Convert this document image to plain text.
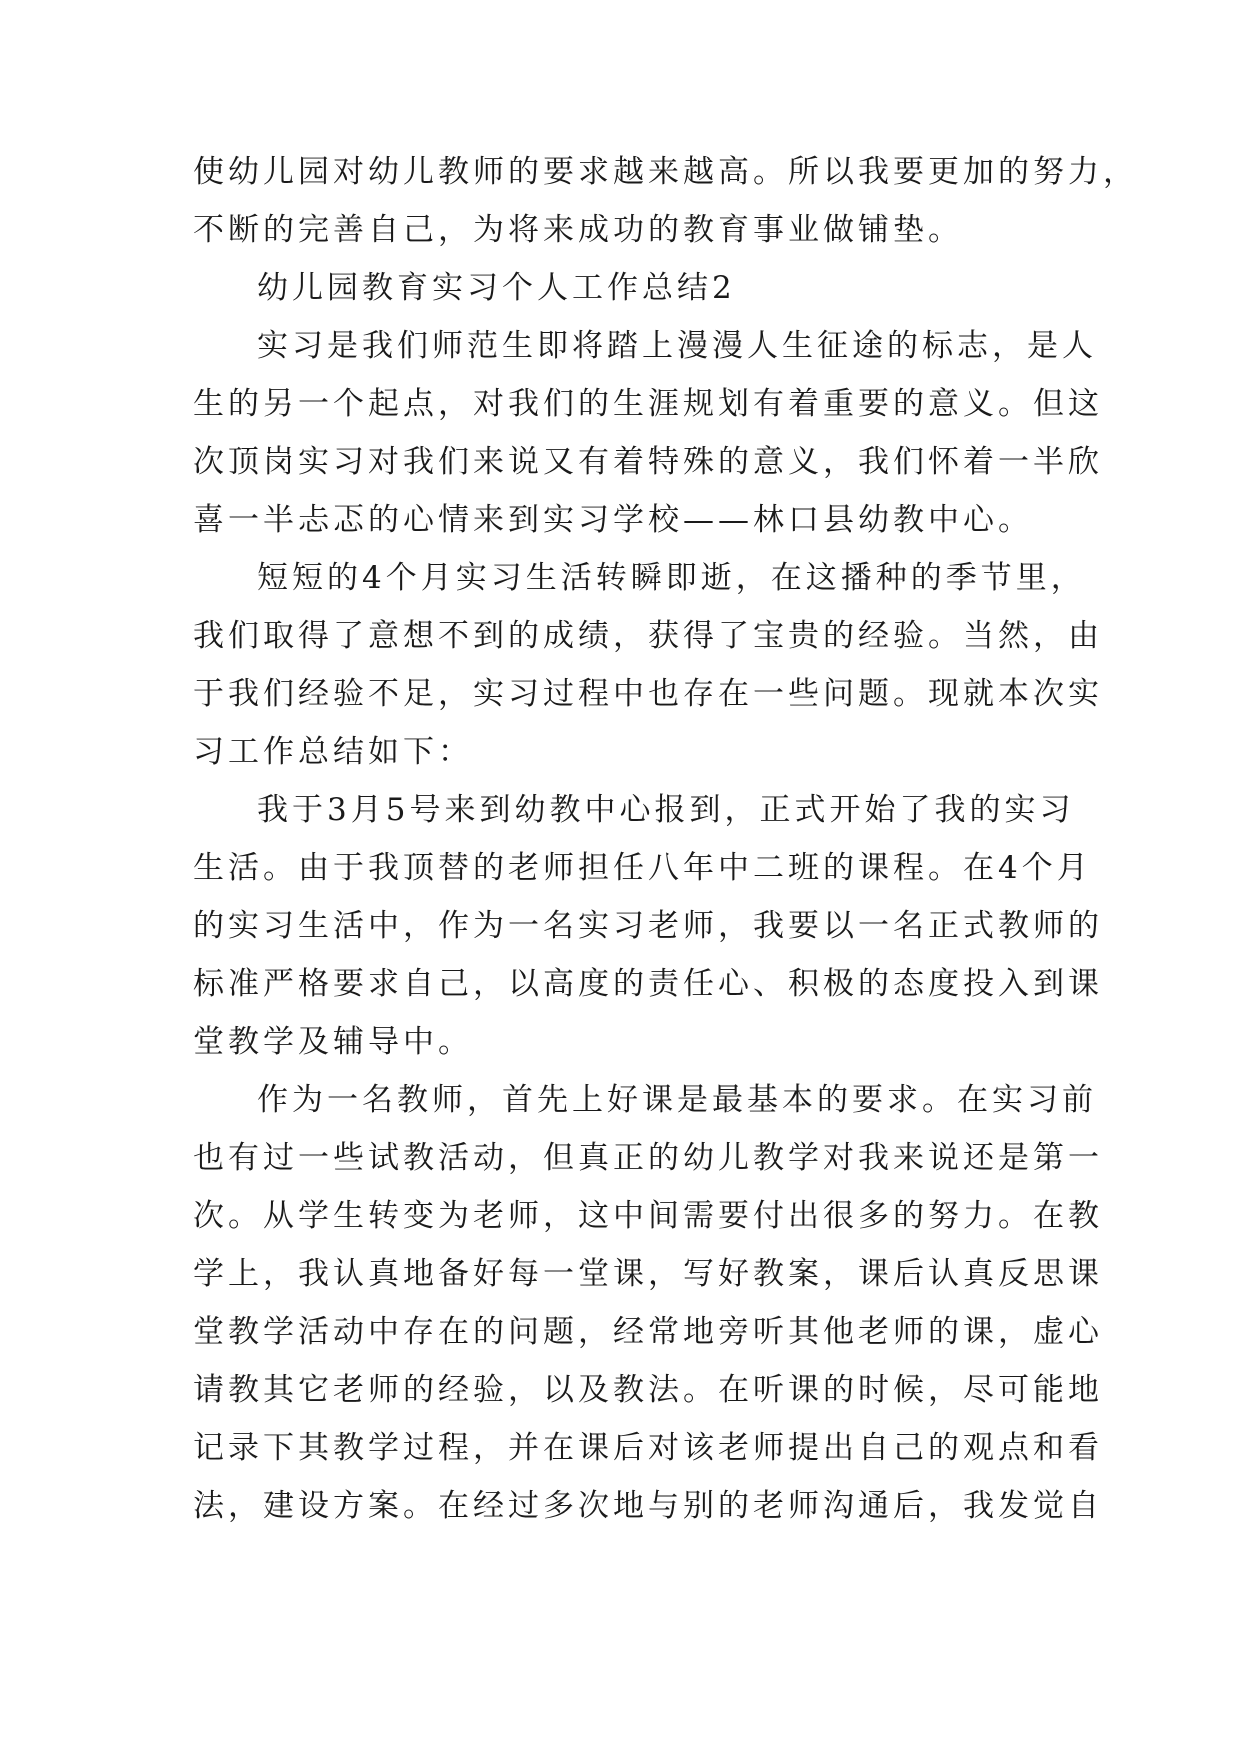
使幼儿园对幼儿教师的要求越来越高。所以我要更加的努力，
不断的完善自己，为将来成功的教育事业做铺垫。
幼儿园教育实习个人工作总结2
实习是我们师范生即将踏上漫漫人生征途的标志，是人
生的另一个起点，对我们的生涯规划有着重要的意义。但这
次顶岗实习对我们来说又有着特殊的意义，我们怀着一半欣
喜一半忐忑的心情来到实习学校——林口县幼教中心。
短短的4个月实习生活转瞬即逝，在这播种的季节里，
我们取得了意想不到的成绩，获得了宝贵的经验。当然，由
于我们经验不足，实习过程中也存在一些问题。现就本次实
习工作总结如下：
我于3月5号来到幼教中心报到，正式开始了我的实习
生活。由于我顶替的老师担任八年中二班的课程。在4个月
的实习生活中，作为一名实习老师，我要以一名正式教师的
标准严格要求自己，以高度的责任心、积极的态度投入到课
堂教学及辅导中。
作为一名教师，首先上好课是最基本的要求。在实习前
也有过一些试教活动，但真正的幼儿教学对我来说还是第一
次。从学生转变为老师，这中间需要付出很多的努力。在教
学上，我认真地备好每一堂课，写好教案，课后认真反思课
堂教学活动中存在的问题，经常地旁听其他老师的课，虚心
请教其它老师的经验，以及教法。在听课的时候，尽可能地
记录下其教学过程，并在课后对该老师提出自己的观点和看
法，建设方案。在经过多次地与别的老师沟通后，我发觉自
